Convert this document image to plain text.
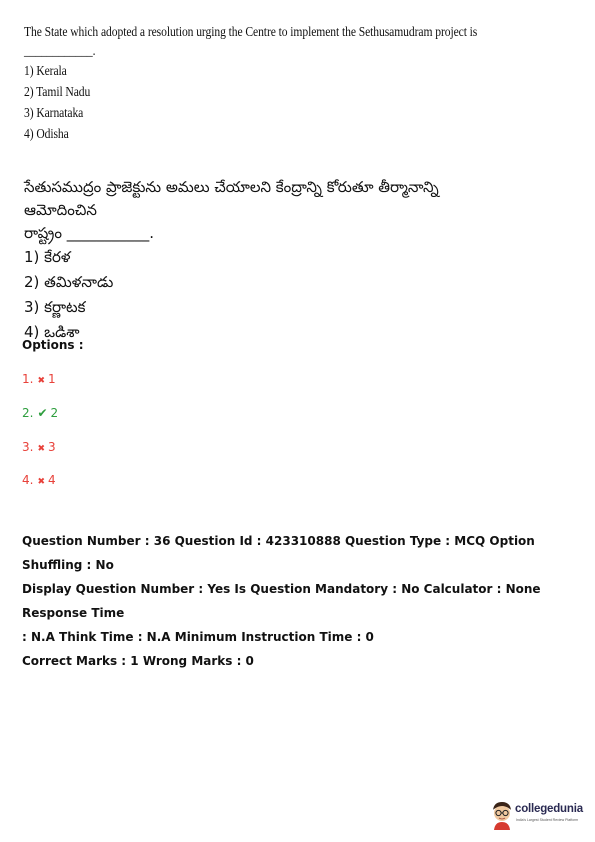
The State which adopted a resolution urging the Centre to implement the Sethusamudram project is

____________.

1) Kerala

2) Tamil Nadu

3) Karnataka

4) Odisha

సేతుసముద్రం ప్రాజెక్టును అమలు చేయాలని కేంద్రాన్ని కోరుతూ తీర్మానాన్ని ఆమోదించిన

రాష్ట్రం ___________.

1) కేరళ

2) తమిళనాడు

3) కర్ణాటక

4) ఒడిశా

Options :
1. ✖ 1
2. ✔ 2
3. ✖ 3
4. ✖ 4

Question Number : 36 Question Id : 423310888 Question Type : MCQ Option Shuffling : No

Display Question Number : Yes Is Question Mandatory : No Calculator : None Response Time

: N.A Think Time : N.A Minimum Instruction Time : 0

Correct Marks : 1 Wrong Marks : 0

collegedunia
India's Largest Student Review Platform
